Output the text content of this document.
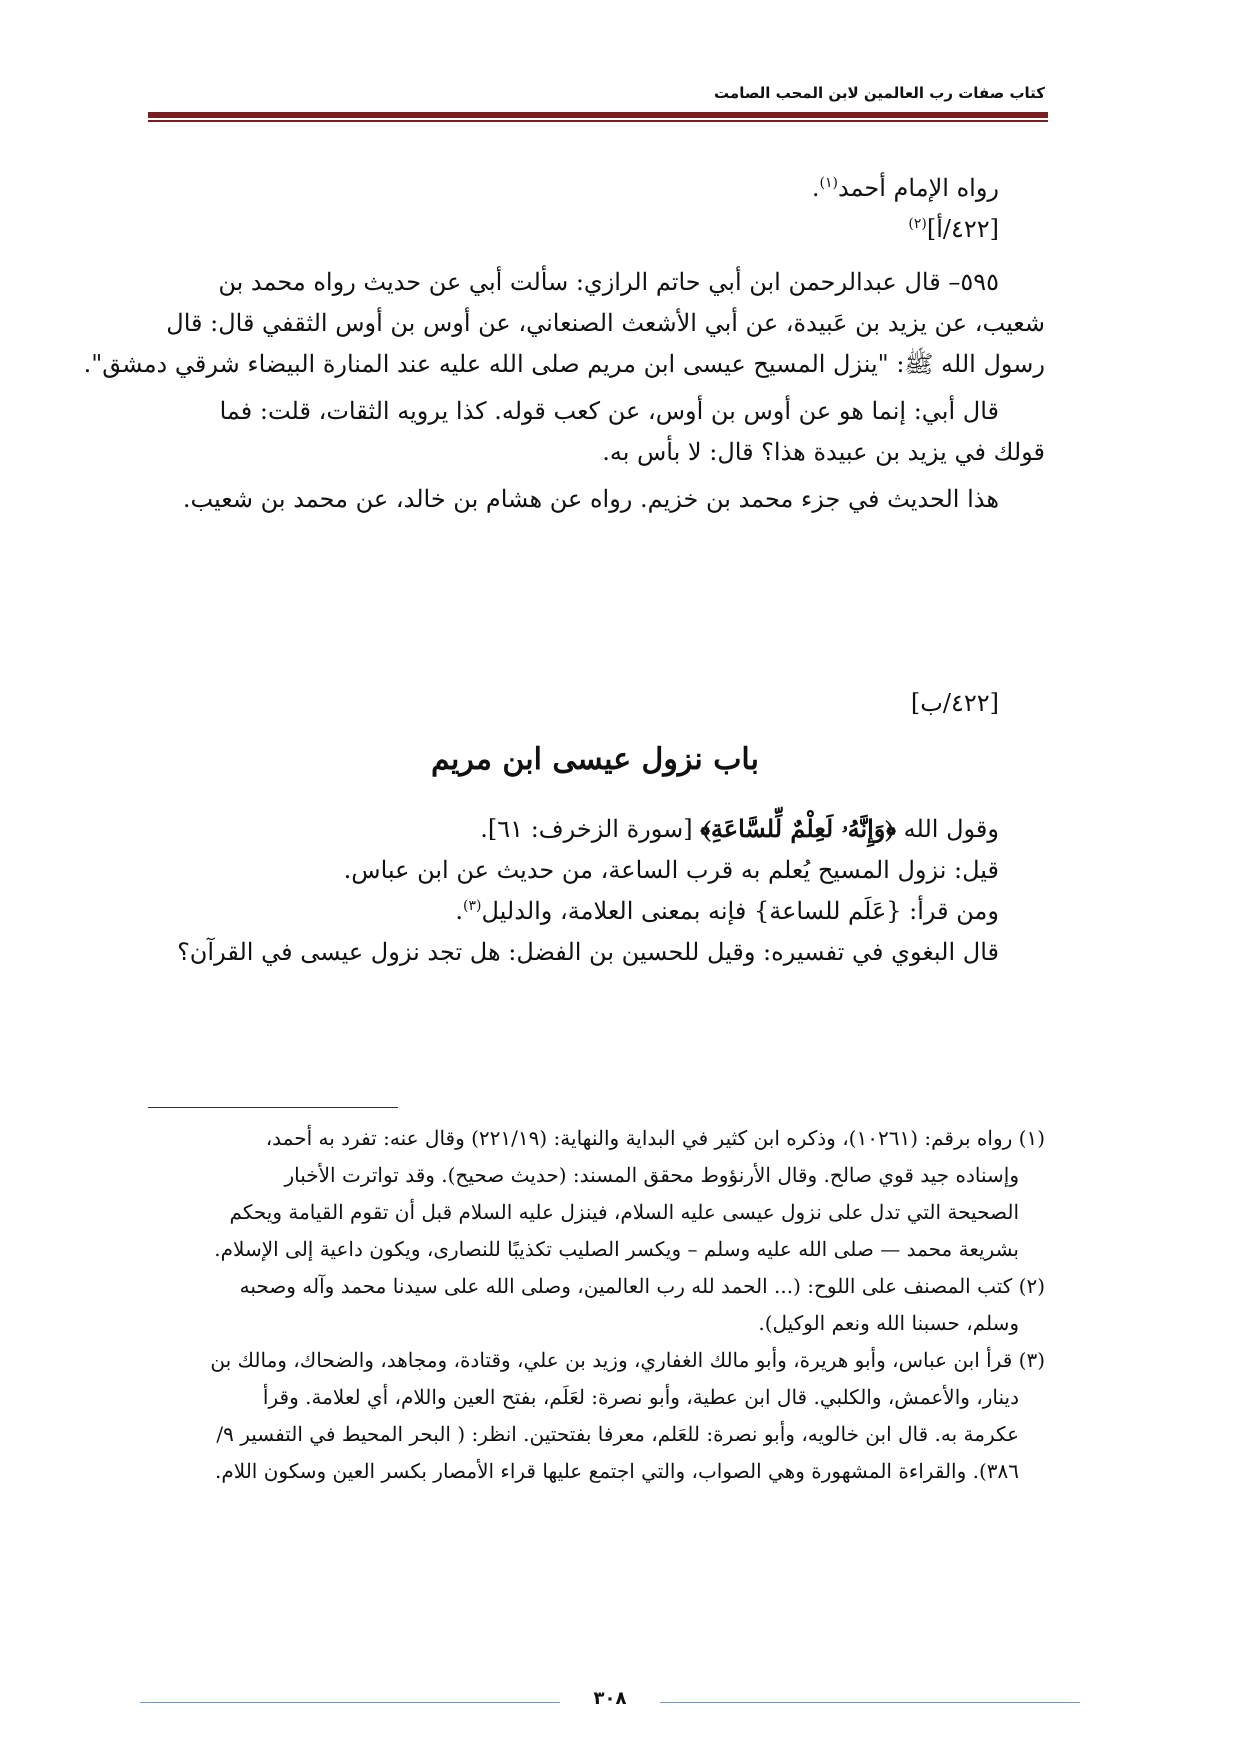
كتاب صفات رب العالمين لابن المحب الصامت
رواه الإمام أحمد$^{(١)}$.
[٤٢٢/أ]$^{(٢)}$
٥٩٥– قال عبدالرحمن ابن أبي حاتم الرازي: سألت أبي عن حديث رواه محمد بن
شعيب، عن يزيد بن عَبيدة، عن أبي الأشعث الصنعاني، عن أوس بن أوس الثقفي قال: قال
رسول الله ﷺ: "ينزل المسيح عيسى ابن مريم صلى الله عليه عند المنارة البيضاء شرقي دمشق".
قال أبي: إنما هو عن أوس بن أوس، عن كعب قوله. كذا يرويه الثقات، قلت: فما
قولك في يزيد بن عبيدة هذا؟ قال: لا بأس به.
هذا الحديث في جزء محمد بن خزيم. رواه عن هشام بن خالد، عن محمد بن شعيب.
[٤٢٢/ب]
باب نزول عيسى ابن مريم
وقول الله ﴿وَإِنَّهُۥ لَعِلْمٌ لِّلسَّاعَةِ﴾ [سورة الزخرف: ٦١].
قيل: نزول المسيح يُعلم به قرب الساعة، من حديث عن ابن عباس.
ومن قرأ: {عَلَم للساعة} فإنه بمعنى العلامة، والدليل$^{(٣)}$.
قال البغوي في تفسيره: وقيل للحسين بن الفضل: هل تجد نزول عيسى في القرآن؟
(١) رواه برقم: (١٠٢٦١)، وذكره ابن كثير في البداية والنهاية: (٢٢١/١٩) وقال عنه: تفرد به أحمد،
وإسناده جيد قوي صالح. وقال الأرنؤوط محقق المسند: (حديث صحيح). وقد تواترت الأخبار
الصحيحة التي تدل على نزول عيسى عليه السلام، فينزل عليه السلام قبل أن تقوم القيامة ويحكم
بشريعة محمد — صلى الله عليه وسلم – ويكسر الصليب تكذيبًا للنصارى، ويكون داعية إلى الإسلام.
(٢) كتب المصنف على اللوح: (... الحمد لله رب العالمين، وصلى الله على سيدنا محمد وآله وصحبه
وسلم، حسبنا الله ونعم الوكيل).
(٣) قرأ ابن عباس، وأبو هريرة، وأبو مالك الغفاري، وزيد بن علي، وقتادة، ومجاهد، والضحاك، ومالك بن
دينار، والأعمش، والكلبي. قال ابن عطية، وأبو نصرة: لعَلَم، بفتح العين واللام، أي لعلامة. وقرأ
عكرمة به. قال ابن خالويه، وأبو نصرة: للعَلم، معرفا بفتحتين. انظر: ( البحر المحيط في التفسير ٩/
٣٨٦). والقراءة المشهورة وهي الصواب، والتي اجتمع عليها قراء الأمصار بكسر العين وسكون اللام.
٣٠٨
